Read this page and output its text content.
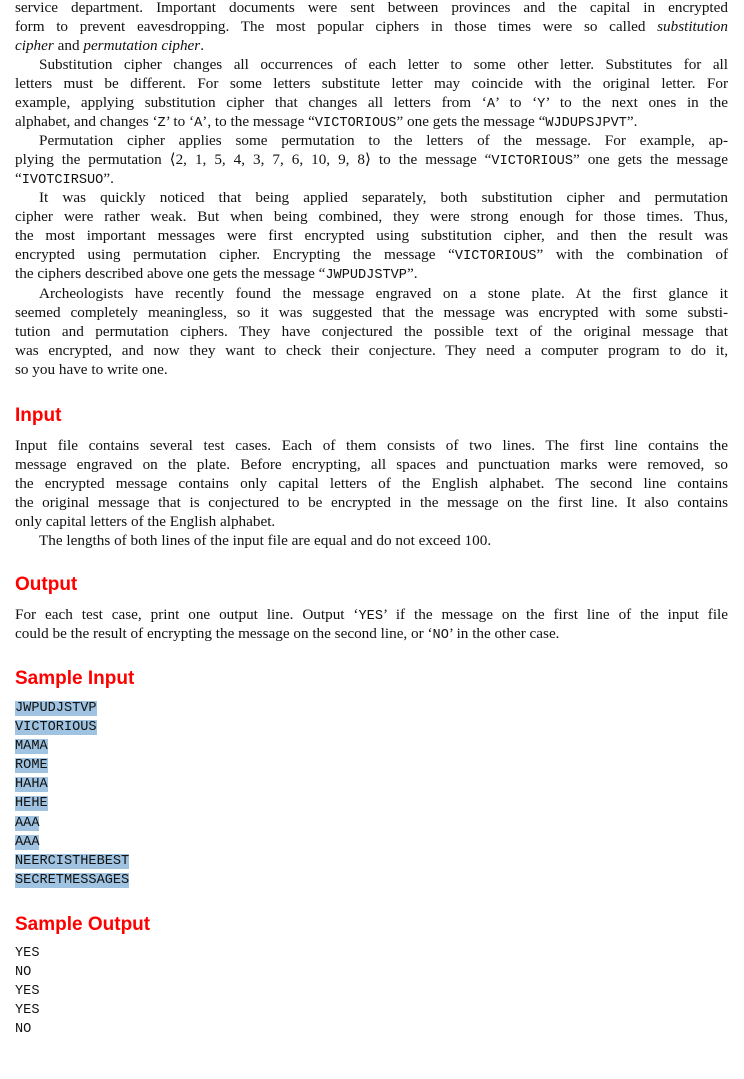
service department. Important documents were sent between provinces and the capital in encrypted
form to prevent eavesdropping. The most popular ciphers in those times were so called substitution
cipher and permutation cipher.
Substitution cipher changes all occurrences of each letter to some other letter. Substitutes for all
letters must be different. For some letters substitute letter may coincide with the original letter. For
example, applying substitution cipher that changes all letters from ‘A’ to ‘Y’ to the next ones in the
alphabet, and changes ‘Z’ to ‘A’, to the message “VICTORIOUS” one gets the message “WJDUPSJPVT”.
Permutation cipher applies some permutation to the letters of the message. For example, ap-
plying the permutation ⟨2, 1, 5, 4, 3, 7, 6, 10, 9, 8⟩ to the message “VICTORIOUS” one gets the message
“IVOTCIRSUO”.
It was quickly noticed that being applied separately, both substitution cipher and permutation
cipher were rather weak. But when being combined, they were strong enough for those times. Thus,
the most important messages were first encrypted using substitution cipher, and then the result was
encrypted using permutation cipher. Encrypting the message “VICTORIOUS” with the combination of
the ciphers described above one gets the message “JWPUDJSTVP”.
Archeologists have recently found the message engraved on a stone plate. At the first glance it
seemed completely meaningless, so it was suggested that the message was encrypted with some substi-
tution and permutation ciphers. They have conjectured the possible text of the original message that
was encrypted, and now they want to check their conjecture. They need a computer program to do it,
so you have to write one.
Input
Input file contains several test cases. Each of them consists of two lines. The first line contains the
message engraved on the plate. Before encrypting, all spaces and punctuation marks were removed, so
the encrypted message contains only capital letters of the English alphabet. The second line contains
the original message that is conjectured to be encrypted in the message on the first line. It also contains
only capital letters of the English alphabet.
The lengths of both lines of the input file are equal and do not exceed 100.
Output
For each test case, print one output line. Output ‘YES’ if the message on the first line of the input file
could be the result of encrypting the message on the second line, or ‘NO’ in the other case.
Sample Input
JWPUDJSTVP
VICTORIOUS
MAMA
ROME
HAHA
HEHE
AAA
AAA
NEERCISTHEBEST
SECRETMESSAGES
Sample Output
YES
NO
YES
YES
NO
